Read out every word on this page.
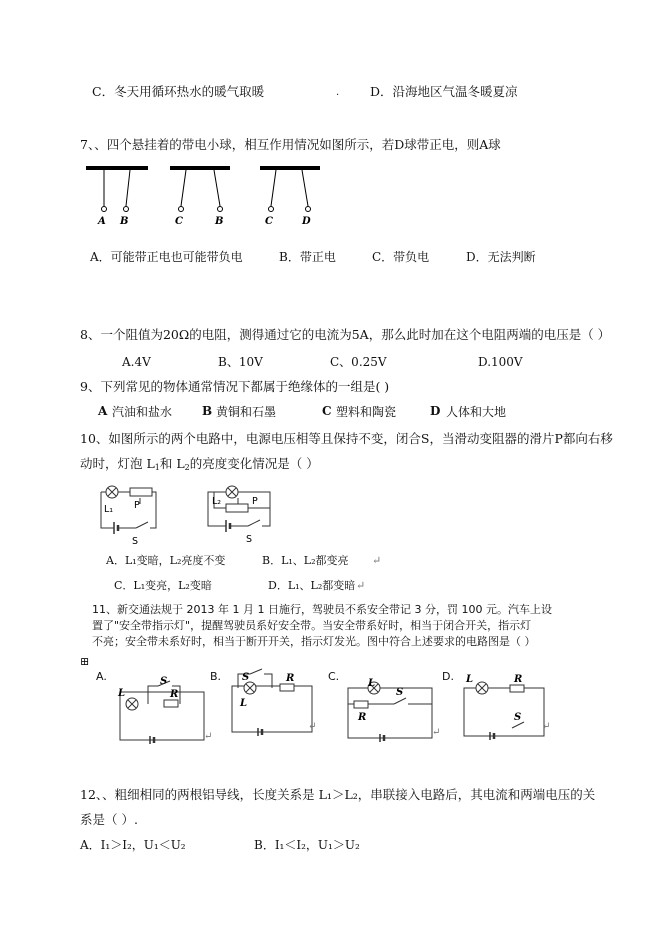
C．冬天用循环热水的暖气取暖	. D．沿海地区气温冬暖夏凉
7、、四个悬挂着的带电小球，相互作用情况如图所示，若D球带正电，则A球
A B	C	B	C	D
A．可能带正电也可能带负电	B．带正电	C．带负电	D．无法判断
8、一个阻值为20Ω的电阻，测得通过它的电流为5A，那么此时加在这个电阻两端的电压是（ ）
A.4V	B、10V	C、0.25V	D.100V
9、下列常见的物体通常情况下都属于绝缘体的一组是( )
A 汽油和盐水 B 黄铜和石墨	C 塑料和陶瓷	D 人体和大地
10、如图所示的两个电路中，电源电压相等且保持不变，闭合S，当滑动变阻器的滑片P都向右移
动时，灯泡 $L_1$和 $L_2$的亮度变化情况是（ ）
P
L₁
S
P
L₂
S
A．L₁变暗，L₂亮度不变	B．L₁、L₂都变亮 ↵
C．L₁变亮，L₂变暗	D．L₁、L₂都变暗 ↵
11、新交通法规于 2013 年 1 月 1 日施行，驾驶员不系安全带记 3 分，罚 100 元。汽车上设
置了"安全带指示灯"，提醒驾驶员系好安全带。当安全带系好时，相当于闭合开关，指示灯
不亮；安全带未系好时，相当于断开开关，指示灯发光。图中符合上述要求的电路图是（ ）
⊞
A.
L
S
R
↵
B.
L
S	R
↵
C.
L
R
S
↵
D. L	R
S
↵
12、、粗细相同的两根铝导线，长度关系是 L₁＞L₂，串联接入电路后，其电流和两端电压的关
系是（ ）.
A．I₁＞I₂，U₁＜U₂	B．I₁＜I₂，U₁＞U₂
